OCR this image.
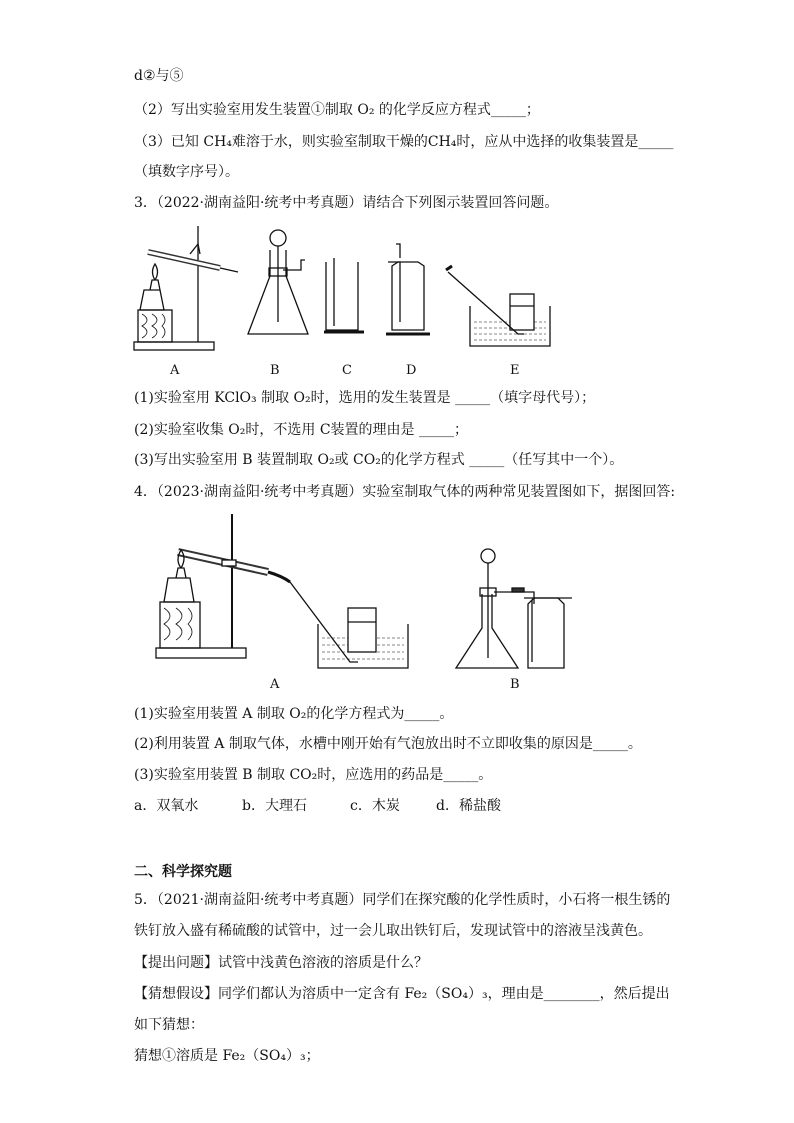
d②与⑤
（2）写出实验室用发生装置①制取 O₂ 的化学反应方程式_____；
（3）已知 CH₄难溶于水，则实验室制取干燥的CH₄时，应从中选择的收集装置是_____
（填数字序号）。
3．（2022·湖南益阳·统考中考真题）请结合下列图示装置回答问题。
A	B	C	D	E
(1)实验室用 KClO₃ 制取 O₂时，选用的发生装置是 _____（填字母代号）；
(2)实验室收集 O₂时，不选用 C装置的理由是 _____；
(3)写出实验室用 B 装置制取 O₂或 CO₂的化学方程式 _____（任写其中一个）。
4．（2023·湖南益阳·统考中考真题）实验室制取气体的两种常见装置图如下，据图回答:
A	B
(1)实验室用装置 A 制取 O₂的化学方程式为_____。
(2)利用装置 A 制取气体，水槽中刚开始有气泡放出时不立即收集的原因是_____。
(3)实验室用装置 B 制取 CO₂时，应选用的药品是_____。
a．双氧水	b．大理石	c．木炭	d．稀盐酸
二、科学探究题
5．（2021·湖南益阳·统考中考真题）同学们在探究酸的化学性质时，小石将一根生锈的
铁钉放入盛有稀硫酸的试管中，过一会儿取出铁钉后，发现试管中的溶液呈浅黄色。
【提出问题】试管中浅黄色溶液的溶质是什么？
【猜想假设】同学们都认为溶质中一定含有 Fe₂（SO₄）₃，理由是________，然后提出
如下猜想：
猜想①溶质是 Fe₂（SO₄）₃；
